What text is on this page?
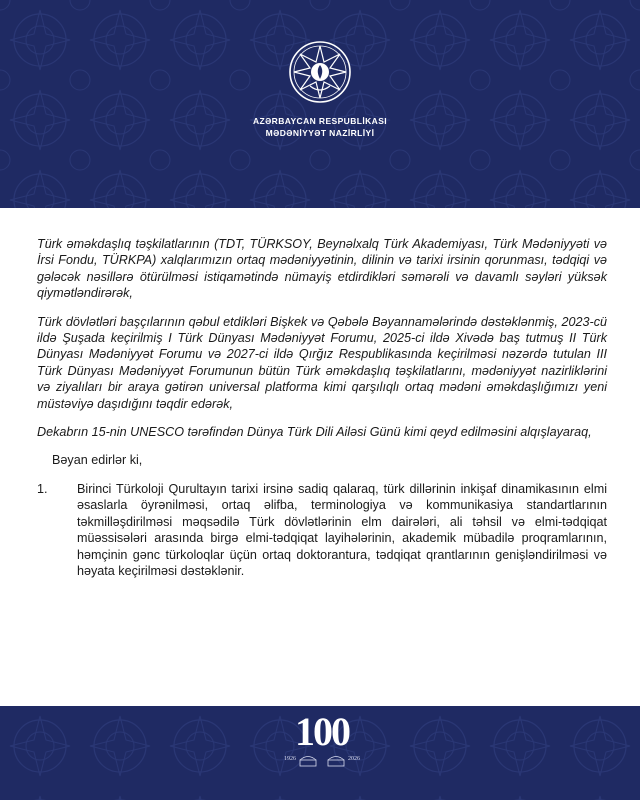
AZƏRBAYCAN RESPUBLİKASI
MƏDƏNİYYƏT NAZİRLİYİ

Türk əməkdaşlıq təşkilatlarının (TDT, TÜRKSOY, Beynəlxalq Türk Akademiyası, Türk Mədəniyyəti və İrsi Fondu, TÜRKPA) xalqlarımızın ortaq mədəniyyətinin, dilinin və tarixi irsinin qorunması, tədqiqi və gələcək nəsillərə ötürülməsi istiqamətində nümayiş etdirdikləri səmərəli və davamlı səyləri yüksək qiymətləndirərək,

Türk dövlətləri başçılarının qəbul etdikləri Bişkek və Qəbələ Bəyannamələrində dəstəklənmiş, 2023-cü ildə Şuşada keçirilmiş I Türk Dünyası Mədəniyyət Forumu, 2025-ci ildə Xivədə baş tutmuş II Türk Dünyası Mədəniyyət Forumu və 2027-ci ildə Qırğız Respublikasında keçirilməsi nəzərdə tutulan III Türk Dünyası Mədəniyyət Forumunun bütün Türk əməkdaşlıq təşkilatlarını, mədəniyyət nazirliklərini və ziyalıları bir araya gətirən universal platforma kimi qarşılıqlı ortaq mədəni əməkdaşlığımızı yeni müstəviyə daşıdığını təqdir edərək,

Dekabrın 15-nin UNESCO tərəfindən Dünya Türk Dili Ailəsi Günü kimi qeyd edilməsini alqışlayaraq,

Bəyan edirlər ki,

1.	Birinci Türkoloji Qurultayın tarixi irsinə sadiq qalaraq, türk dillərinin inkişaf dinamikasının elmi əsaslarla öyrənilməsi, ortaq əlifba, terminologiya və kommunikasiya standartlarının təkmilləşdirilməsi məqsədilə Türk dövlətlərinin elm dairələri, ali təhsil və elmi-tədqiqat müəssisələri arasında birgə elmi-tədqiqat layihələrinin, akademik mübadilə proqramlarının, həmçinin gənc türkoloqlar üçün ortaq doktorantura, tədqiqat qrantlarının genişləndirilməsi və həyata keçirilməsi dəstəklənir.
100
1926	2026
